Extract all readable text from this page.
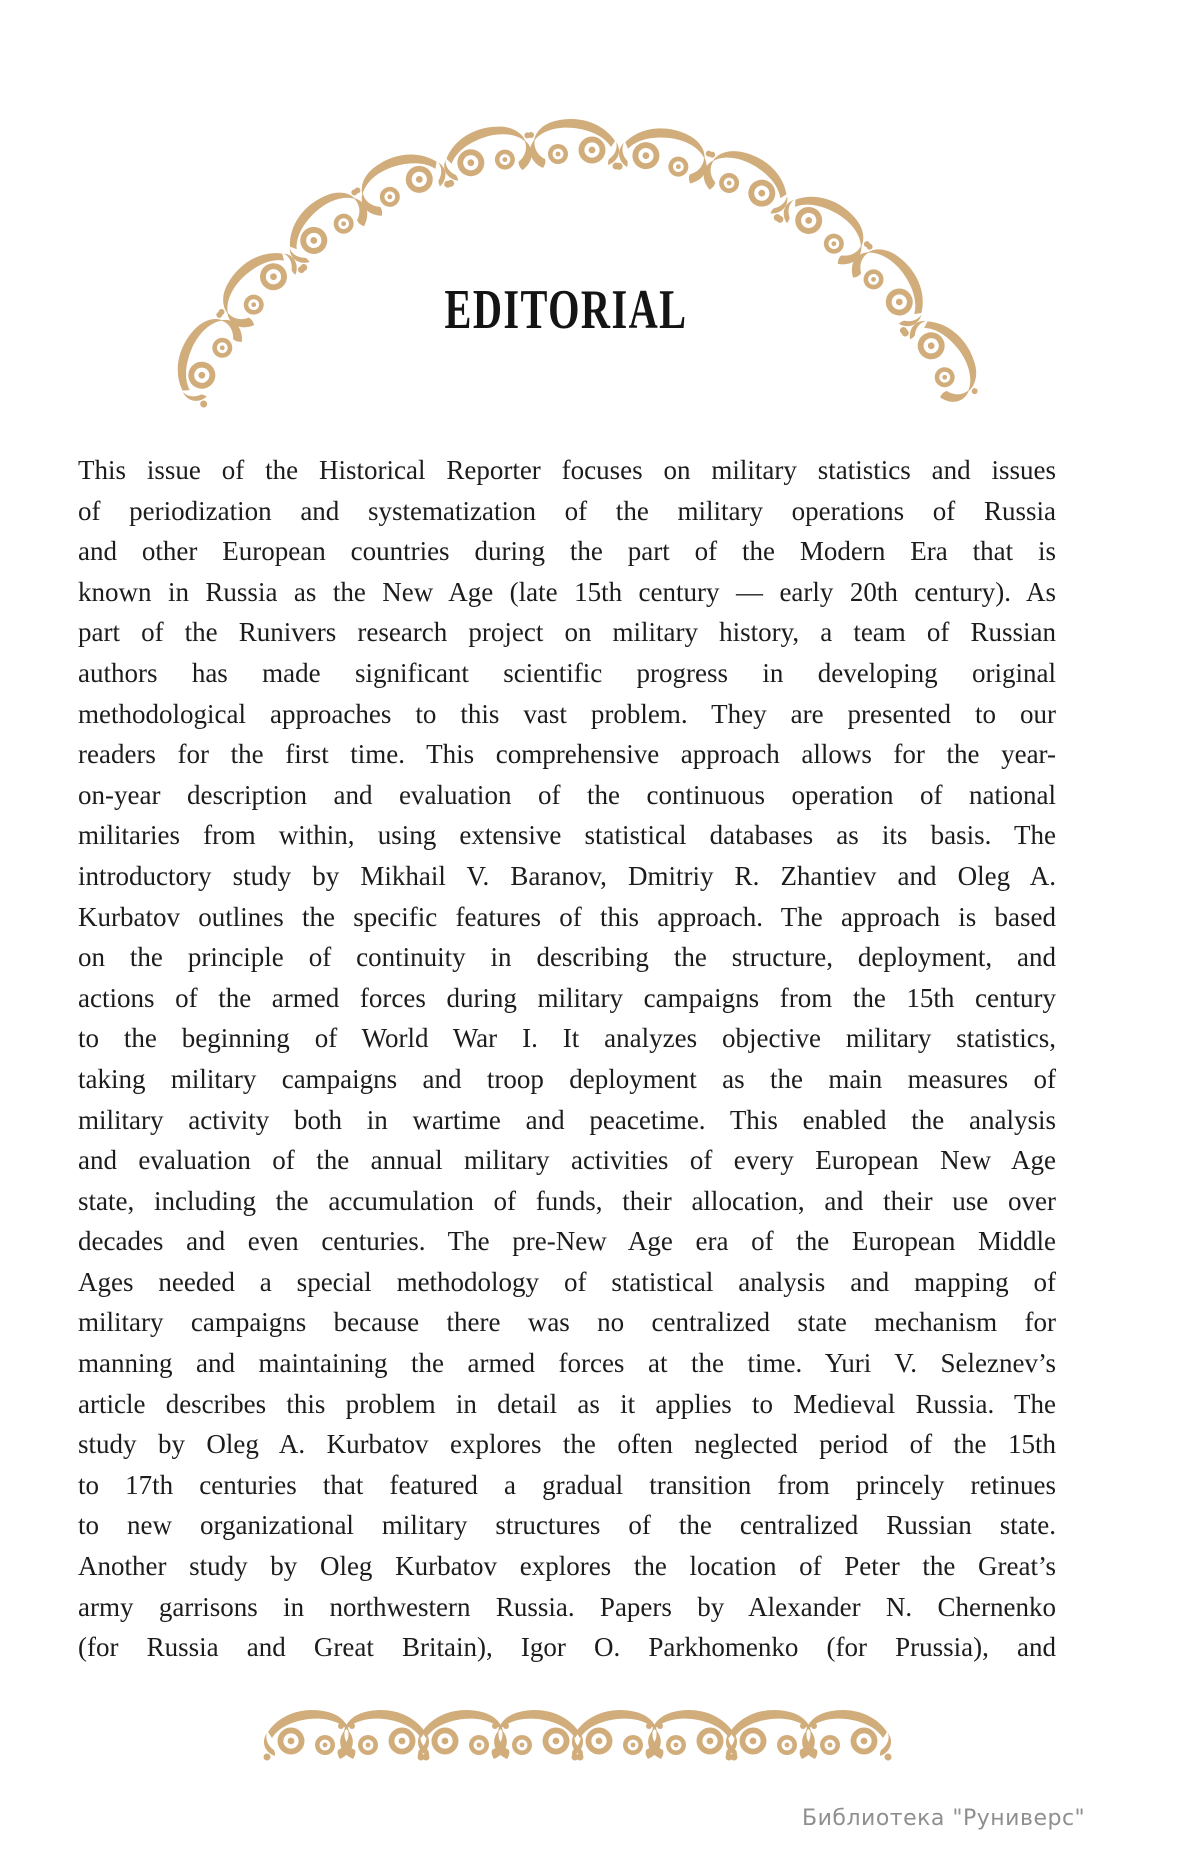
EDITORIAL
This issue of the Historical Reporter focuses on military statistics and issues
of periodization and systematization of the military operations of Russia
and other European countries during the part of the Modern Era that is
known in Russia as the New Age (late 15th century — early 20th century). As
part of the Runivers research project on military history, a team of Russian
authors has made significant scientific progress in developing original
methodological approaches to this vast problem. They are presented to our
readers for the first time. This comprehensive approach allows for the year-
on-year description and evaluation of the continuous operation of national
militaries from within, using extensive statistical databases as its basis. The
introductory study by Mikhail V. Baranov, Dmitriy R. Zhantiev and Oleg A.
Kurbatov outlines the specific features of this approach. The approach is based
on the principle of continuity in describing the structure, deployment, and
actions of the armed forces during military campaigns from the 15th century
to the beginning of World War I. It analyzes objective military statistics,
taking military campaigns and troop deployment as the main measures of
military activity both in wartime and peacetime. This enabled the analysis
and evaluation of the annual military activities of every European New Age
state, including the accumulation of funds, their allocation, and their use over
decades and even centuries. The pre-New Age era of the European Middle
Ages needed a special methodology of statistical analysis and mapping of
military campaigns because there was no centralized state mechanism for
manning and maintaining the armed forces at the time. Yuri V. Seleznev’s
article describes this problem in detail as it applies to Medieval Russia. The
study by Oleg A. Kurbatov explores the often neglected period of the 15th
to 17th centuries that featured a gradual transition from princely retinues
to new organizational military structures of the centralized Russian state.
Another study by Oleg Kurbatov explores the location of Peter the Great’s
army garrisons in northwestern Russia. Papers by Alexander N. Chernenko
(for Russia and Great Britain), Igor O. Parkhomenko (for Prussia), and
Библиотека "Руниверс"
